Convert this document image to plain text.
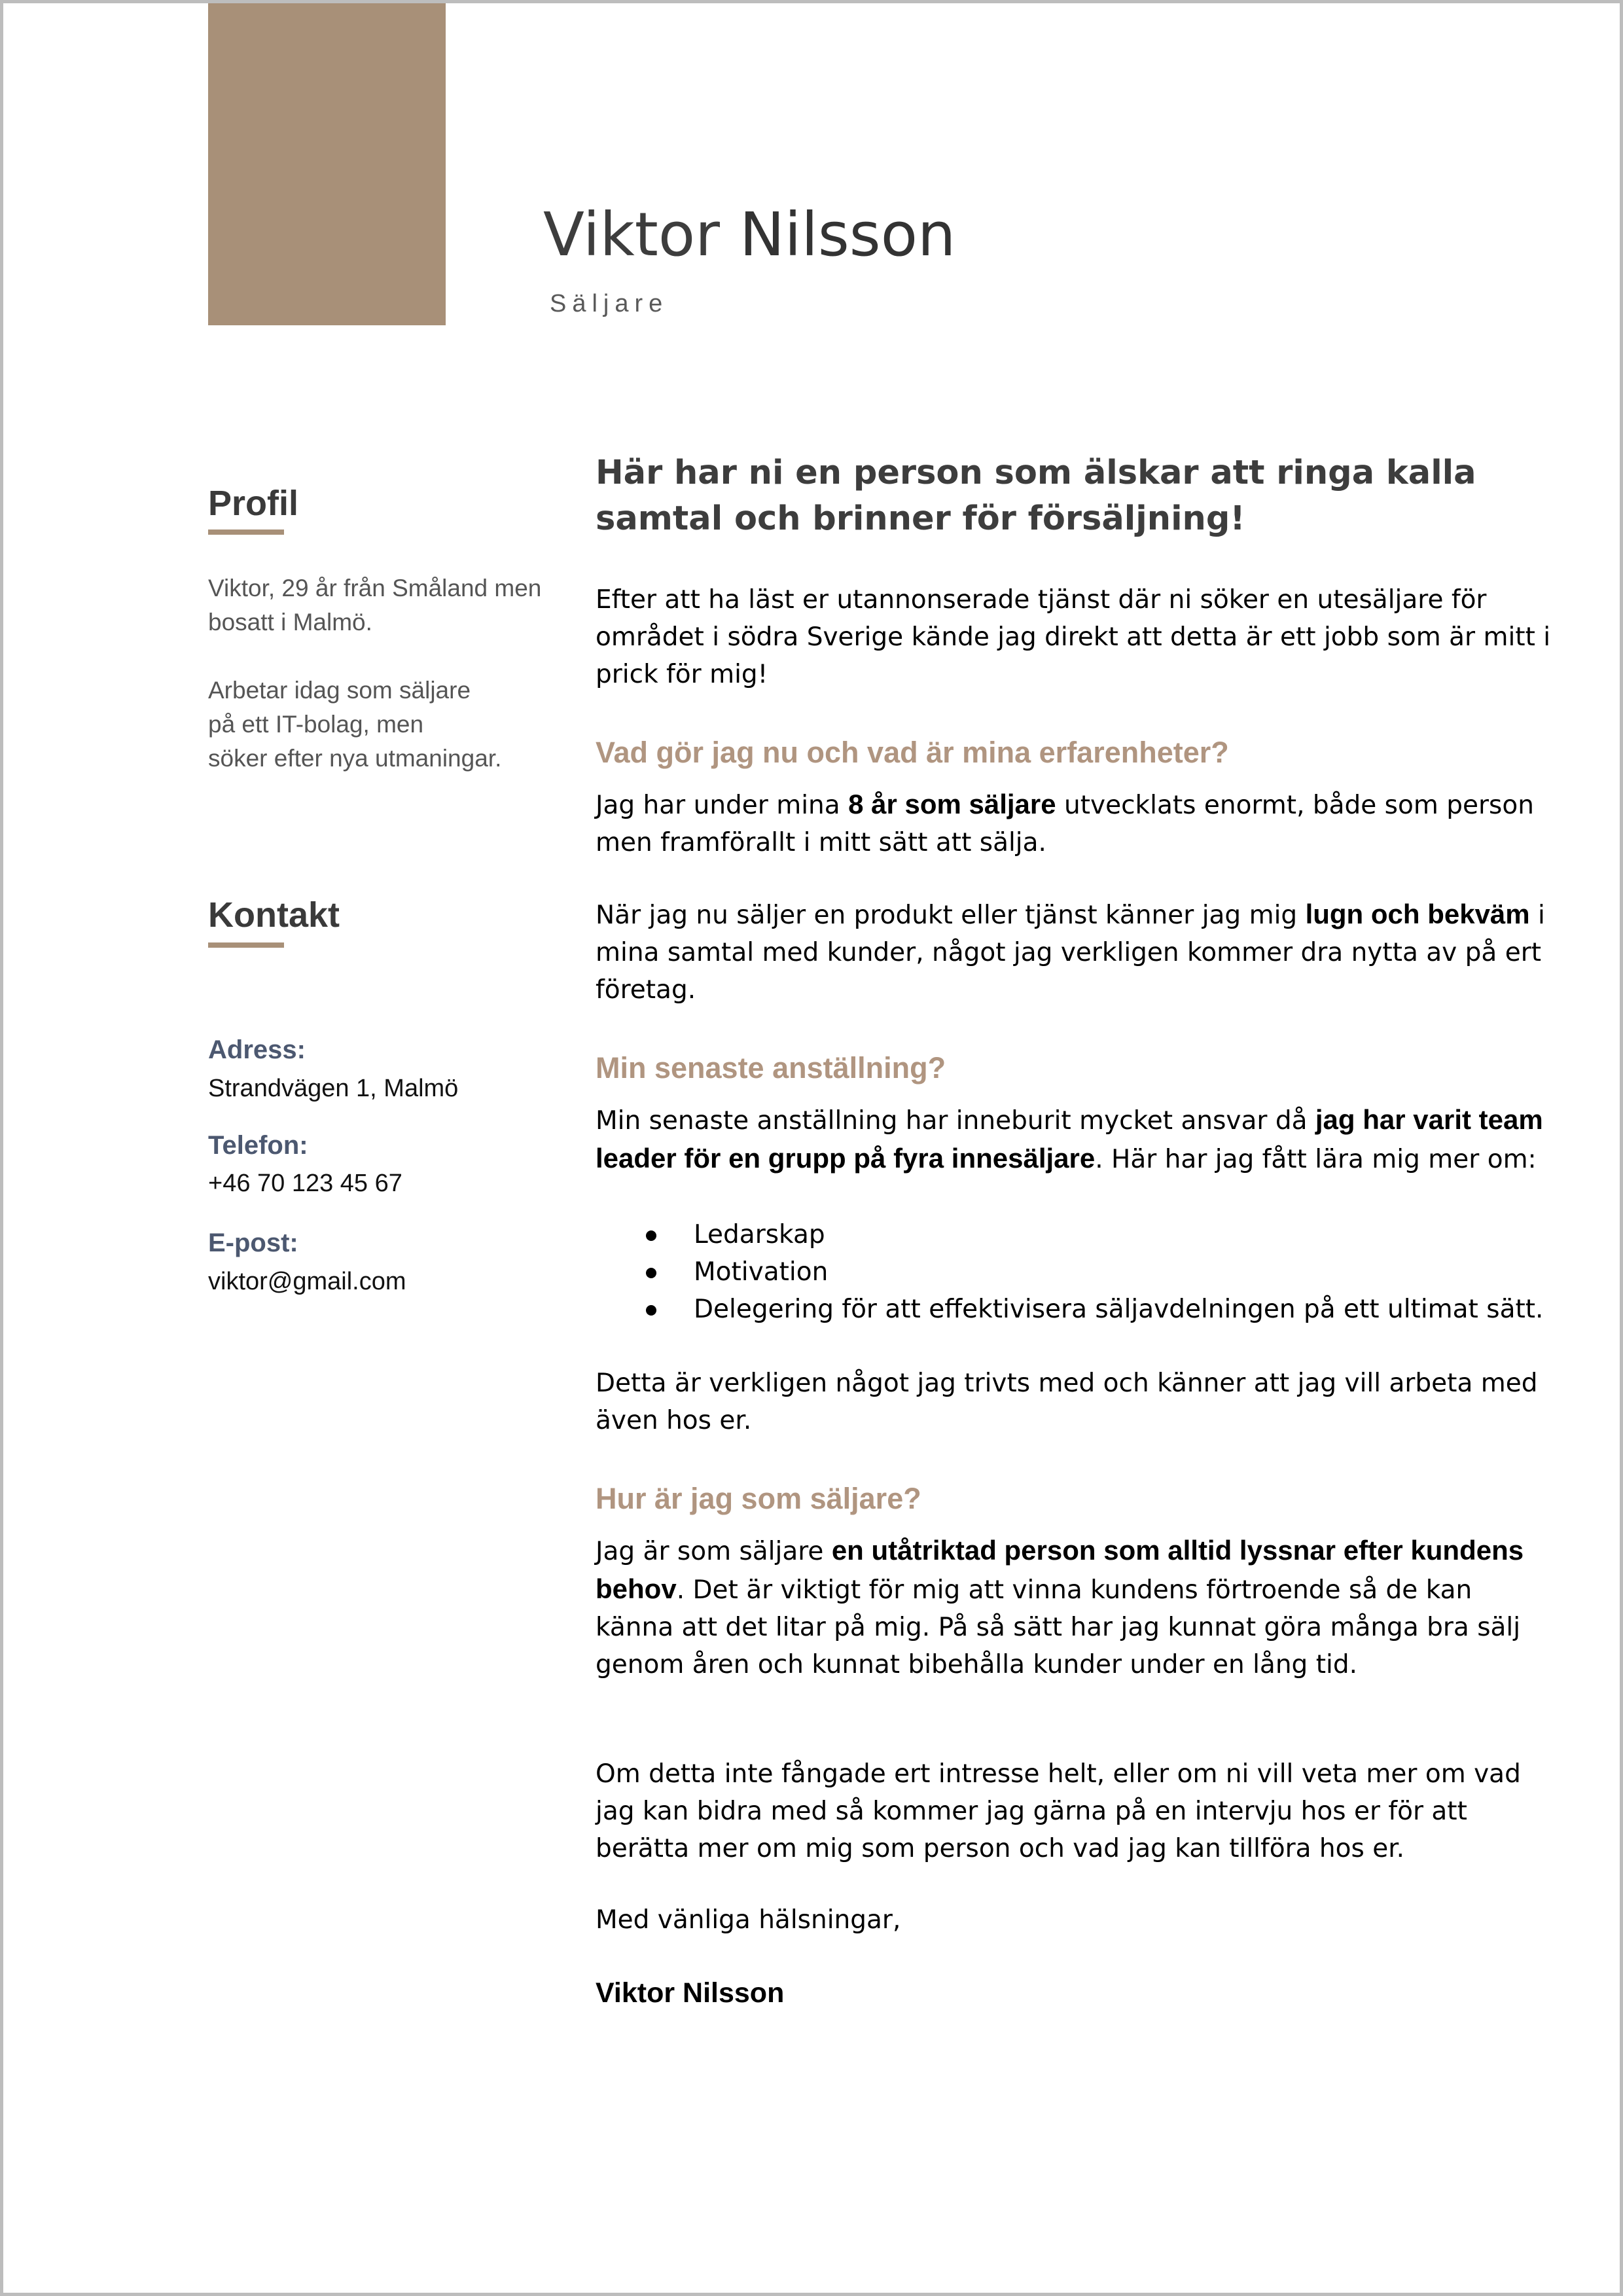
Viktor Nilsson
Säljare
Profil

Viktor, 29 år från Småland men
bosatt i Malmö.

Arbetar idag som säljare
på ett IT-bolag, men
söker efter nya utmaningar.

Kontakt
Adress:
Strandvägen 1, Malmö
Telefon:
+46 70 123 45 67
E-post:
viktor@gmail.com

Här har ni en person som älskar att ringa kalla samtal och brinner för försäljning!

Efter att ha läst er utannonserade tjänst där ni söker en utesäljare för området i södra Sverige kände jag direkt att detta är ett jobb som är mitt i prick för mig!

Vad gör jag nu och vad är mina erfarenheter?

Jag har under mina 8 år som säljare utvecklats enormt, både som person men framförallt i mitt sätt att sälja.

När jag nu säljer en produkt eller tjänst känner jag mig lugn och bekväm i mina samtal med kunder, något jag verkligen kommer dra nytta av på ert företag.

Min senaste anställning?

Min senaste anställning har inneburit mycket ansvar då jag har varit team leader för en grupp på fyra innesäljare. Här har jag fått lära mig mer om:

Ledarskap
Motivation
Delegering för att effektivisera säljavdelningen på ett ultimat sätt.

Detta är verkligen något jag trivts med och känner att jag vill arbeta med även hos er.

Hur är jag som säljare?

Jag är som säljare en utåtriktad person som alltid lyssnar efter kundens behov. Det är viktigt för mig att vinna kundens förtroende så de kan känna att det litar på mig. På så sätt har jag kunnat göra många bra sälj genom åren och kunnat bibehålla kunder under en lång tid.

Om detta inte fångade ert intresse helt, eller om ni vill veta mer om vad jag kan bidra med så kommer jag gärna på en intervju hos er för att berätta mer om mig som person och vad jag kan tillföra hos er.

Med vänliga hälsningar,

Viktor Nilsson
